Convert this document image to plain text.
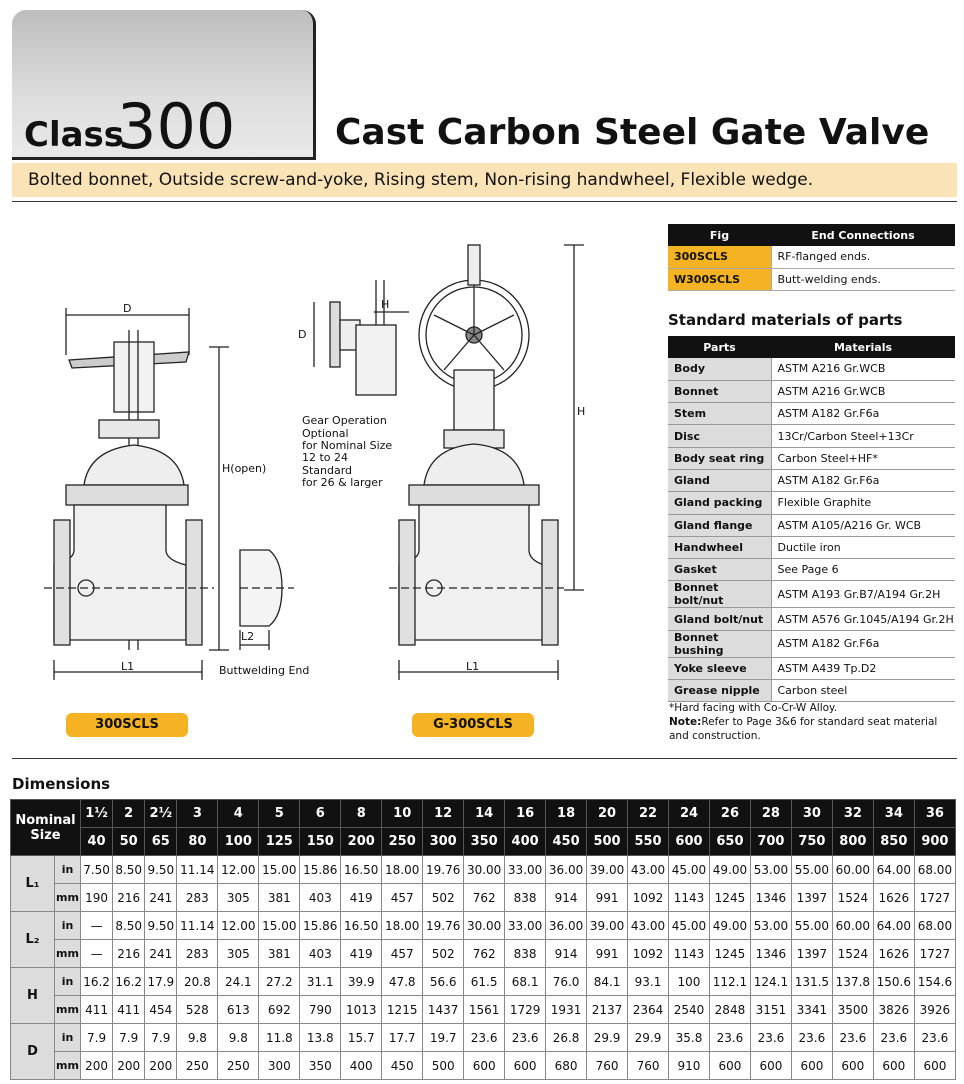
Class
300	Cast Carbon Steel Gate Valve
Bolted bonnet, Outside screw-and-yoke, Rising stem, Non-rising handwheel, Flexible wedge.
D
H(open)
L1
L2
Buttwelding End
D
H
Gear Operation
Optional
for Nominal Size
12 to 24
Standard
for 26 & larger
H
L1
300SCLS	G-300SCLS
Fig	End Connections
300SCLS	RF-flanged ends.
W300SCLS	Butt-welding ends.
Standard materials of parts
Parts	Materials
Body	ASTM A216 Gr.WCB
Bonnet	ASTM A216 Gr.WCB
Stem	ASTM A182 Gr.F6a
Disc	13Cr/Carbon Steel+13Cr
Body seat ring	Carbon Steel+HF*
Gland	ASTM A182 Gr.F6a
Gland packing	Flexible Graphite
Gland flange	ASTM A105/A216 Gr. WCB
Handwheel	Ductile iron
Gasket	See Page 6
Bonnet bolt/nut	ASTM A193 Gr.B7/A194 Gr.2H
Gland bolt/nut	ASTM A576 Gr.1045/A194 Gr.2H
Bonnet bushing	ASTM A182 Gr.F6a
Yoke sleeve	ASTM A439 Tp.D2
Grease nipple	Carbon steel
*Hard facing with Co-Cr-W Alloy.
Note:Refer to Page 3&6 for standard seat material and construction.
Dimensions
Nominal
Size		1½	2	2½	3	4	5	6	8	10	12	14	16	18	20	22	24	26	28	30	32	34	36
		40	50	65	80	100	125	150	200	250	300	350	400	450	500	550	600	650	700	750	800	850	900
L₁	in	7.50	8.50	9.50	11.14	12.00	15.00	15.86	16.50	18.00	19.76	30.00	33.00	36.00	39.00	43.00	45.00	49.00	53.00	55.00	60.00	64.00	68.00
	mm	190	216	241	283	305	381	403	419	457	502	762	838	914	991	1092	1143	1245	1346	1397	1524	1626	1727
L₂	in	—	8.50	9.50	11.14	12.00	15.00	15.86	16.50	18.00	19.76	30.00	33.00	36.00	39.00	43.00	45.00	49.00	53.00	55.00	60.00	64.00	68.00
	mm	—	216	241	283	305	381	403	419	457	502	762	838	914	991	1092	1143	1245	1346	1397	1524	1626	1727
H	in	16.2	16.2	17.9	20.8	24.1	27.2	31.1	39.9	47.8	56.6	61.5	68.1	76.0	84.1	93.1	100	112.1	124.1	131.5	137.8	150.6	154.6
	mm	411	411	454	528	613	692	790	1013	1215	1437	1561	1729	1931	2137	2364	2540	2848	3151	3341	3500	3826	3926
D	in	7.9	7.9	7.9	9.8	9.8	11.8	13.8	15.7	17.7	19.7	23.6	23.6	26.8	29.9	29.9	35.8	23.6	23.6	23.6	23.6	23.6	23.6
	mm	200	200	200	250	250	300	350	400	450	500	600	600	680	760	760	910	600	600	600	600	600	600
